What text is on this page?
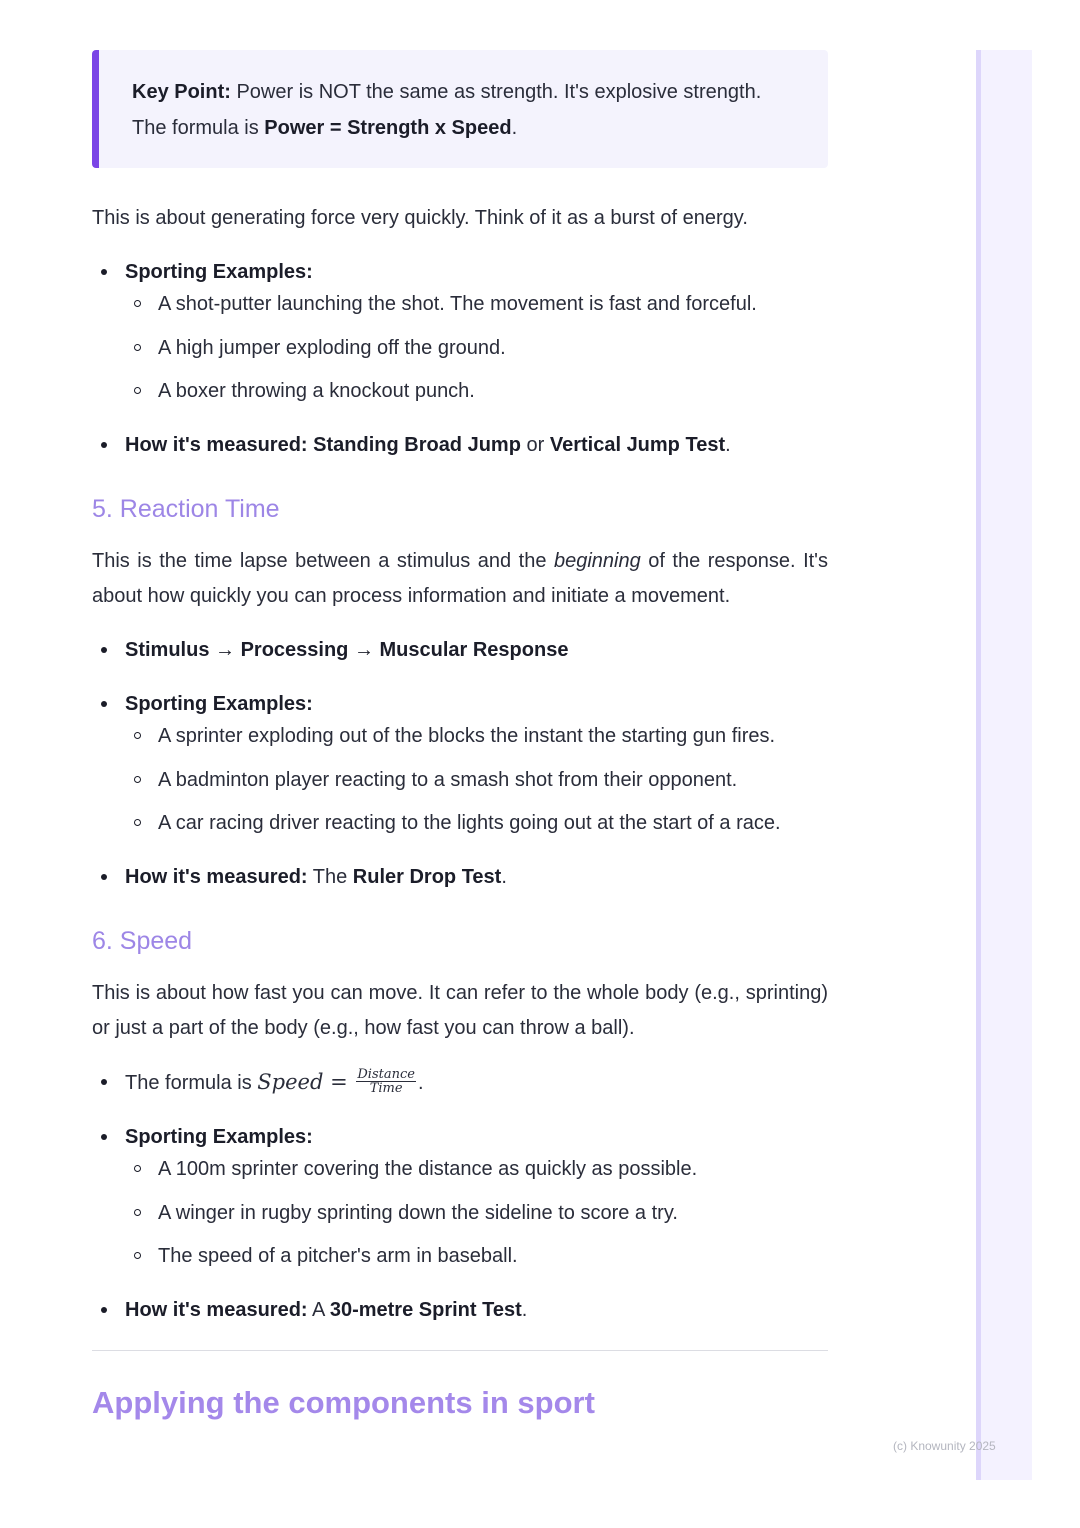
Key Point: Power is NOT the same as strength. It's explosive strength. The formula is Power = Strength x Speed.

This is about generating force very quickly. Think of it as a burst of energy.

Sporting Examples:
A shot-putter launching the shot. The movement is fast and forceful.
A high jumper exploding off the ground.
A boxer throwing a knockout punch.
How it's measured: Standing Broad Jump or Vertical Jump Test.
5. Reaction Time

This is the time lapse between a stimulus and the beginning of the response. It's about how quickly you can process information and initiate a movement.

Stimulus → Processing → Muscular Response
Sporting Examples:
A sprinter exploding out of the blocks the instant the starting gun fires.
A badminton player reacting to a smash shot from their opponent.
A car racing driver reacting to the lights going out at the start of a race.
How it's measured: The Ruler Drop Test.
6. Speed

This is about how fast you can move. It can refer to the whole body (e.g., sprinting) or just a part of the body (e.g., how fast you can throw a ball).

The formula is Speed = $\frac{\text{Distance}}{\text{Time}}$ .
Sporting Examples:
A 100m sprinter covering the distance as quickly as possible.
A winger in rugby sprinting down the sideline to score a try.
The speed of a pitcher's arm in baseball.
How it's measured: A 30-metre Sprint Test.
Applying the components in sport
(c) Knowunity 2025
